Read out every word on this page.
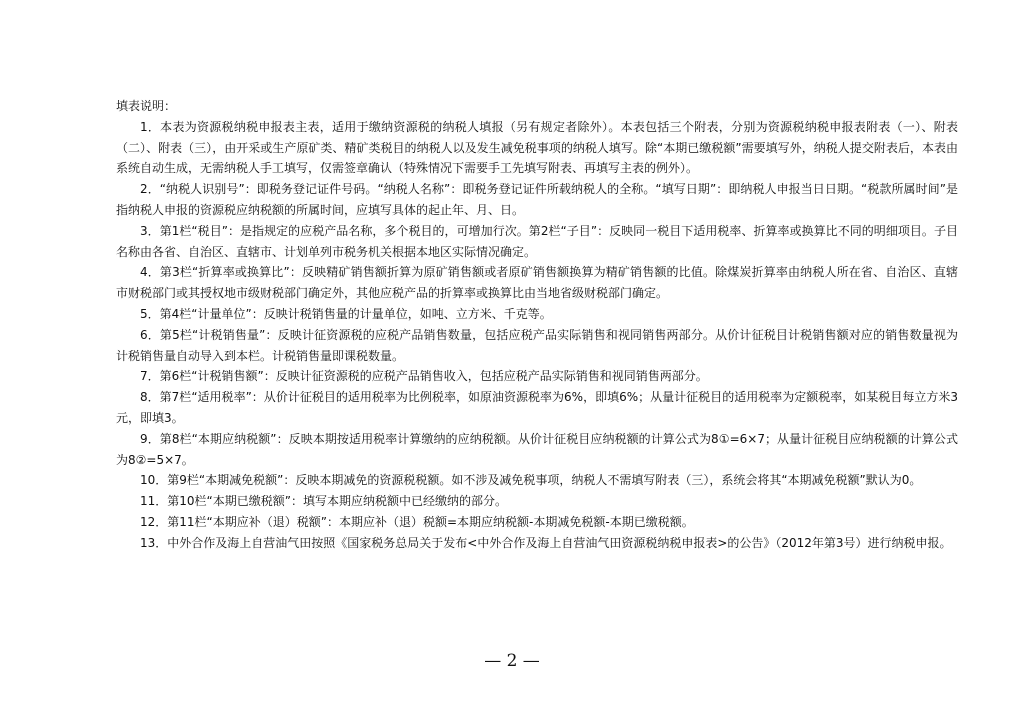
填表说明：

1．本表为资源税纳税申报表主表，适用于缴纳资源税的纳税人填报（另有规定者除外）。本表包括三个附表，分别为资源税纳税申报表附表（一）、附表（二）、附表（三），由开采或生产原矿类、精矿类税目的纳税人以及发生减免税事项的纳税人填写。除“本期已缴税额”需要填写外，纳税人提交附表后，本表由系统自动生成，无需纳税人手工填写，仅需签章确认（特殊情况下需要手工先填写附表、再填写主表的例外）。

2．“纳税人识别号”：即税务登记证件号码。“纳税人名称”：即税务登记证件所载纳税人的全称。“填写日期”：即纳税人申报当日日期。“税款所属时间”是指纳税人申报的资源税应纳税额的所属时间，应填写具体的起止年、月、日。

3．第1栏“税目”：是指规定的应税产品名称，多个税目的，可增加行次。第2栏“子目”：反映同一税目下适用税率、折算率或换算比不同的明细项目。子目名称由各省、自治区、直辖市、计划单列市税务机关根据本地区实际情况确定。

4．第3栏“折算率或换算比”：反映精矿销售额折算为原矿销售额或者原矿销售额换算为精矿销售额的比值。除煤炭折算率由纳税人所在省、自治区、直辖市财税部门或其授权地市级财税部门确定外，其他应税产品的折算率或换算比由当地省级财税部门确定。

5．第4栏“计量单位”：反映计税销售量的计量单位，如吨、立方米、千克等。

6．第5栏“计税销售量”：反映计征资源税的应税产品销售数量，包括应税产品实际销售和视同销售两部分。从价计征税目计税销售额对应的销售数量视为计税销售量自动导入到本栏。计税销售量即课税数量。

7．第6栏“计税销售额”：反映计征资源税的应税产品销售收入，包括应税产品实际销售和视同销售两部分。

8．第7栏“适用税率”：从价计征税目的适用税率为比例税率，如原油资源税率为6%，即填6%；从量计征税目的适用税率为定额税率，如某税目每立方米3元，即填3。

9．第8栏“本期应纳税额”：反映本期按适用税率计算缴纳的应纳税额。从价计征税目应纳税额的计算公式为8①=6×7；从量计征税目应纳税额的计算公式为8②=5×7。

10．第9栏“本期减免税额”：反映本期减免的资源税税额。如不涉及减免税事项，纳税人不需填写附表（三），系统会将其“本期减免税额”默认为0。

11．第10栏“本期已缴税额”：填写本期应纳税额中已经缴纳的部分。

12．第11栏“本期应补（退）税额”：本期应补（退）税额=本期应纳税额-本期减免税额-本期已缴税额。

13．中外合作及海上自营油气田按照《国家税务总局关于发布<中外合作及海上自营油气田资源税纳税申报表>的公告》（2012年第3号）进行纳税申报。

— 2 —
